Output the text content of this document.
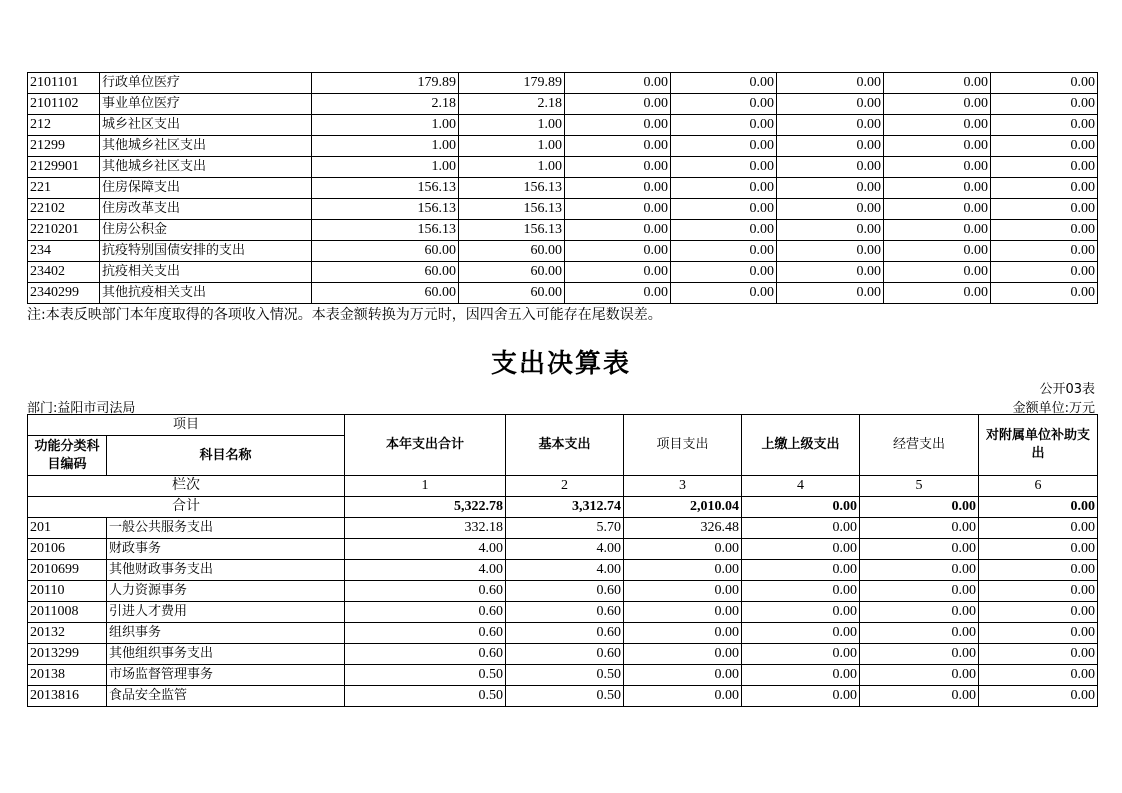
2101101	行政单位医疗	179.89	179.89	0.00	0.00	0.00	0.00	0.00
2101102	事业单位医疗	2.18	2.18	0.00	0.00	0.00	0.00	0.00
212	城乡社区支出	1.00	1.00	0.00	0.00	0.00	0.00	0.00
21299	其他城乡社区支出	1.00	1.00	0.00	0.00	0.00	0.00	0.00
2129901	其他城乡社区支出	1.00	1.00	0.00	0.00	0.00	0.00	0.00
221	住房保障支出	156.13	156.13	0.00	0.00	0.00	0.00	0.00
22102	住房改革支出	156.13	156.13	0.00	0.00	0.00	0.00	0.00
2210201	住房公积金	156.13	156.13	0.00	0.00	0.00	0.00	0.00
234	抗疫特别国债安排的支出	60.00	60.00	0.00	0.00	0.00	0.00	0.00
23402	抗疫相关支出	60.00	60.00	0.00	0.00	0.00	0.00	0.00
2340299	其他抗疫相关支出	60.00	60.00	0.00	0.00	0.00	0.00	0.00
注:本表反映部门本年度取得的各项收入情况。本表金额转换为万元时，因四舍五入可能存在尾数误差。
支出决算表
公开03表
部门:益阳市司法局	金额单位:万元
项目		本年支出合计	基本支出	项目支出	上缴上级支出	经营支出	对附属单位补助支出
功能分类科目编码	科目名称						
栏次		1	2	3	4	5	6
合计		5,322.78	3,312.74	2,010.04	0.00	0.00	0.00
201	一般公共服务支出	332.18	5.70	326.48	0.00	0.00	0.00
20106	财政事务	4.00	4.00	0.00	0.00	0.00	0.00
2010699	其他财政事务支出	4.00	4.00	0.00	0.00	0.00	0.00
20110	人力资源事务	0.60	0.60	0.00	0.00	0.00	0.00
2011008	引进人才费用	0.60	0.60	0.00	0.00	0.00	0.00
20132	组织事务	0.60	0.60	0.00	0.00	0.00	0.00
2013299	其他组织事务支出	0.60	0.60	0.00	0.00	0.00	0.00
20138	市场监督管理事务	0.50	0.50	0.00	0.00	0.00	0.00
2013816	食品安全监管	0.50	0.50	0.00	0.00	0.00	0.00
